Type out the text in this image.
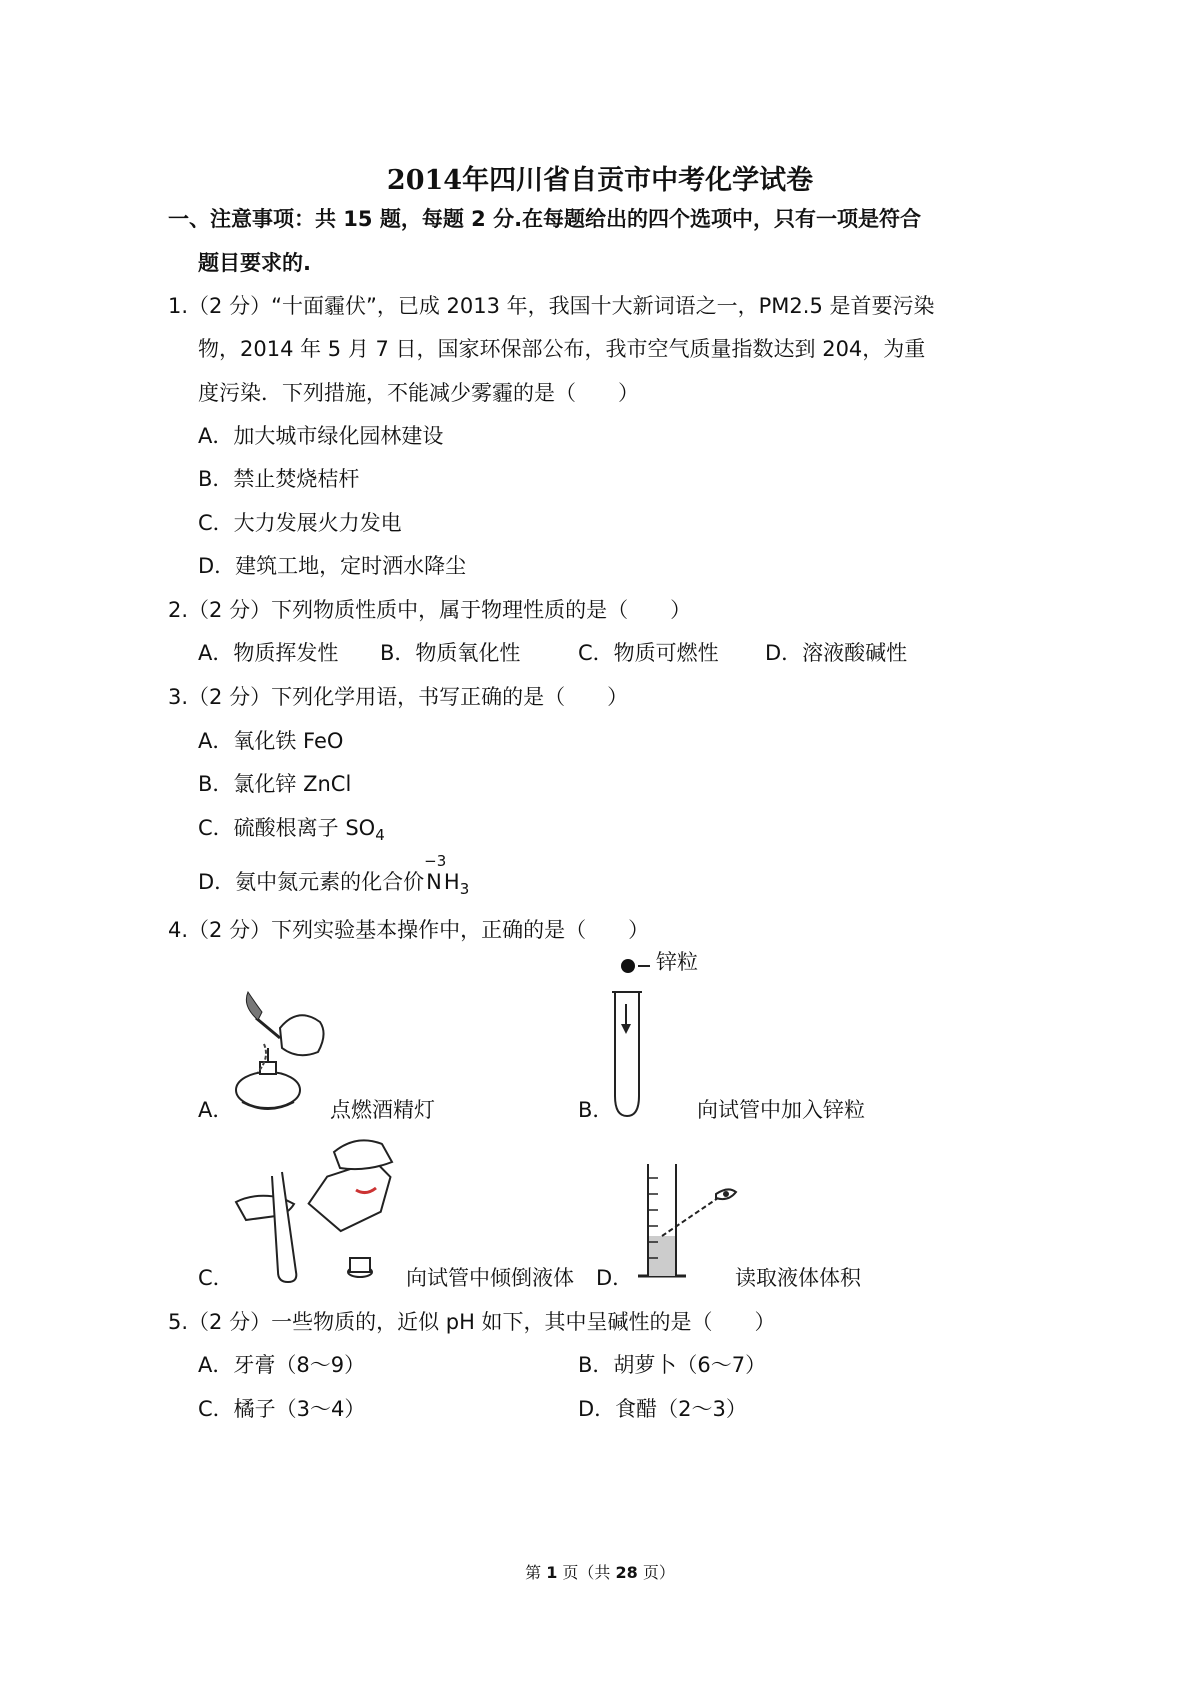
2014年四川省自贡市中考化学试卷
一、注意事项：共 15 题，每题 2 分.在每题给出的四个选项中，只有一项是符合
题目要求的.
1.（2 分）“十面霾伏”，已成 2013 年，我国十大新词语之一，PM2.5 是首要污染
物，2014 年 5 月 7 日，国家环保部公布，我市空气质量指数达到 204，为重
度污染．下列措施，不能减少雾霾的是（　　）
A．加大城市绿化园林建设
B．禁止焚烧桔杆
C．大力发展火力发电
D．建筑工地，定时洒水降尘
2.（2 分）下列物质性质中，属于物理性质的是（　　）
A．物质挥发性 B．物质氧化性	C．物质可燃性 D．溶液酸碱性
3.（2 分）下列化学用语，书写正确的是（　　）
A．氧化铁 FeO
B．氯化锌 ZnCl
C．硫酸根离子 $SO_4$
D．氨中氮元素的化合价
−3
$NH_3$
4.（2 分）下列实验基本操作中，正确的是（　　）
A．	点燃酒精灯
锌粒
B．	向试管中加入锌粒
C．	向试管中倾倒液体 D．	读取液体体积
5.（2 分）一些物质的，近似 pH 如下，其中呈碱性的是（　　）
A．牙膏（8～9）	B．胡萝卜（6～7）
C．橘子（3～4）	D．食醋（2～3）
第 1 页（共 28 页）
